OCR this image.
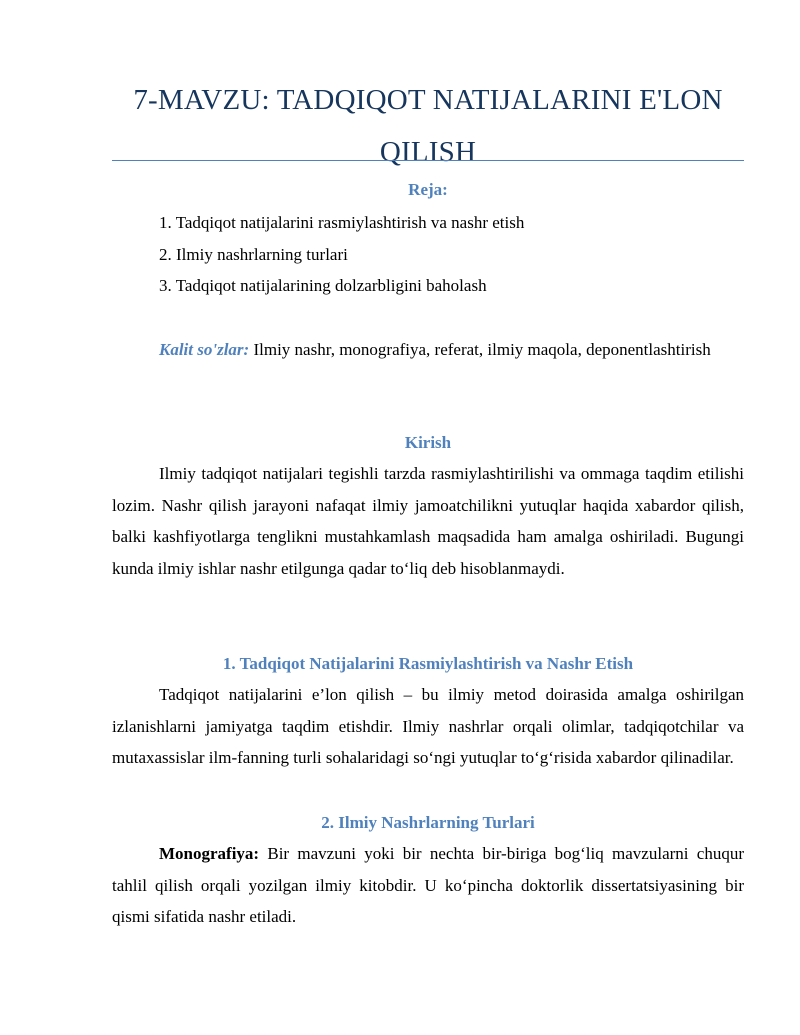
7-MAVZU: TADQIQOT NATIJALARINI E'LON QILISH
Reja:
1. Tadqiqot natijalarini rasmiylashtirish va nashr etish
2. Ilmiy nashrlarning turlari
3. Tadqiqot natijalarining dolzarbligini baholash
Kalit so'zlar: Ilmiy nashr, monografiya, referat, ilmiy maqola, deponentlashtirish
Kirish
Ilmiy tadqiqot natijalari tegishli tarzda rasmiylashtirilishi va ommaga taqdim etilishi lozim. Nashr qilish jarayoni nafaqat ilmiy jamoatchilikni yutuqlar haqida xabardor qilish, balki kashfiyotlarga tenglikni mustahkamlash maqsadida ham amalga oshiriladi. Bugungi kunda ilmiy ishlar nashr etilgunga qadar to‘liq deb hisoblanmaydi.
1. Tadqiqot Natijalarini Rasmiylashtirish va Nashr Etish
Tadqiqot natijalarini e’lon qilish – bu ilmiy metod doirasida amalga oshirilgan izlanishlarni jamiyatga taqdim etishdir. Ilmiy nashrlar orqali olimlar, tadqiqotchilar va mutaxassislar ilm-fanning turli sohalaridagi so‘ngi yutuqlar to‘g‘risida xabardor qilinadilar.
2. Ilmiy Nashrlarning Turlari
Monografiya: Bir mavzuni yoki bir nechta bir-biriga bog‘liq mavzularni chuqur tahlil qilish orqali yozilgan ilmiy kitobdir. U ko‘pincha doktorlik dissertatsiyasining bir qismi sifatida nashr etiladi.
